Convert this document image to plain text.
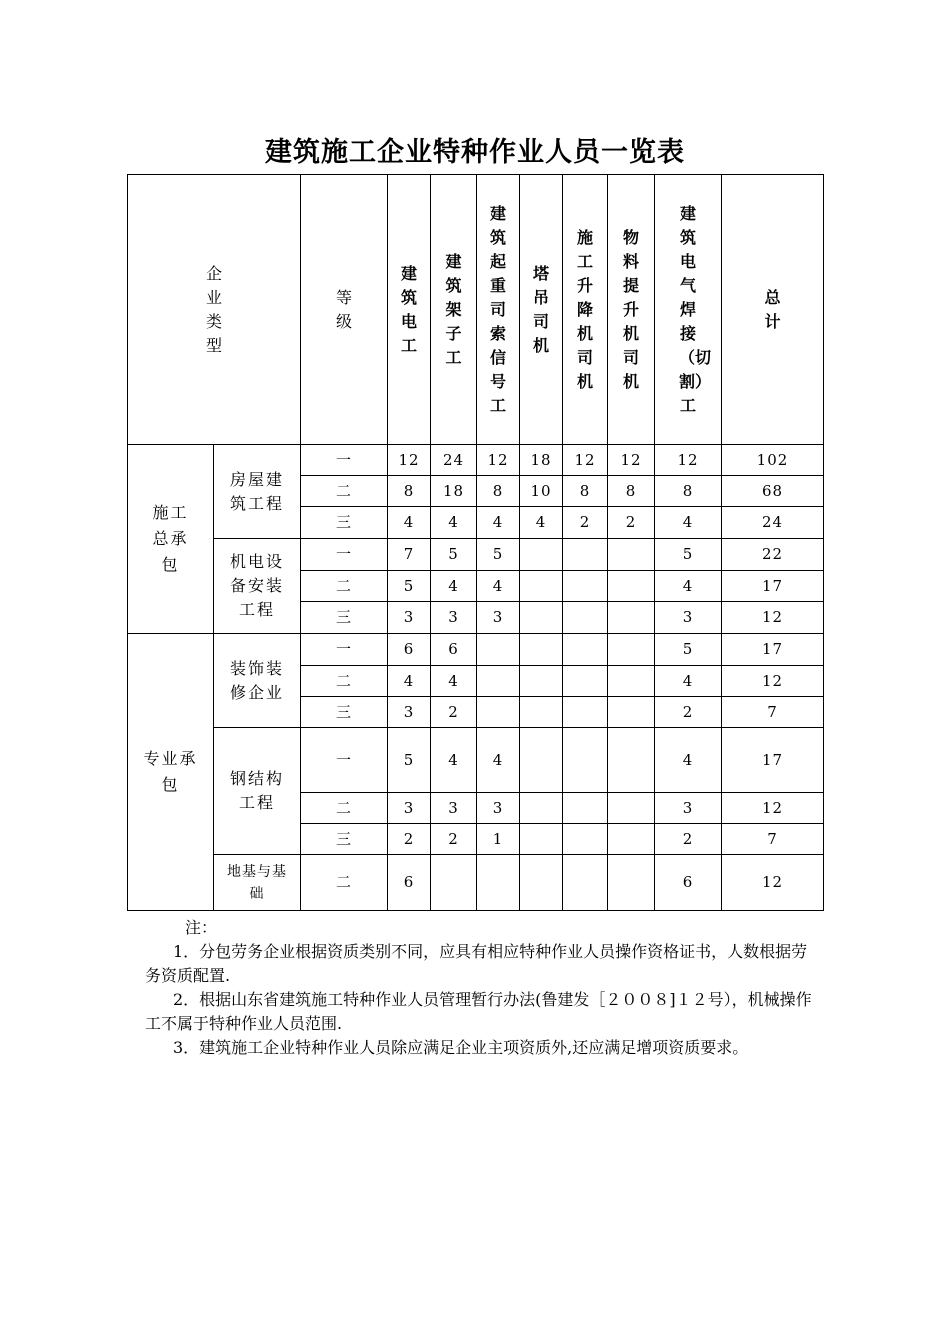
建筑施工企业特种作业人员一览表
企业类型		等级	建筑电工	建筑架子工	建筑起重司索信号工	塔吊司机	施工升降机司机	物料提升机司机	建筑电气焊接（切割）工	总计
施工总承包	房屋建筑工程	一	12	24	12	18	12	12	12	102
		二	8	18	8	10	8	8	8	68
		三	4	4	4	4	2	2	4	24
	机电设备安装工程	一	7	5	5				5	22
		二	5	4	4				4	17
		三	3	3	3				3	12
专业承包	装饰装修企业	一	6	6					5	17
		二	4	4					4	12
		三	3	2					2	7
	钢结构工程	一	5	4	4				4	17
		二	3	3	3				3	12
		三	2	2	1				2	7
	地基与基础	二	6						6	12

注：

1．分包劳务企业根据资质类别不同，应具有相应特种作业人员操作资格证书，人数根据劳务资质配置.

2．根据山东省建筑施工特种作业人员管理暂行办法(鲁建发［２００８]１２号），机械操作工不属于特种作业人员范围.

3．建筑施工企业特种作业人员除应满足企业主项资质外,还应满足增项资质要求。
